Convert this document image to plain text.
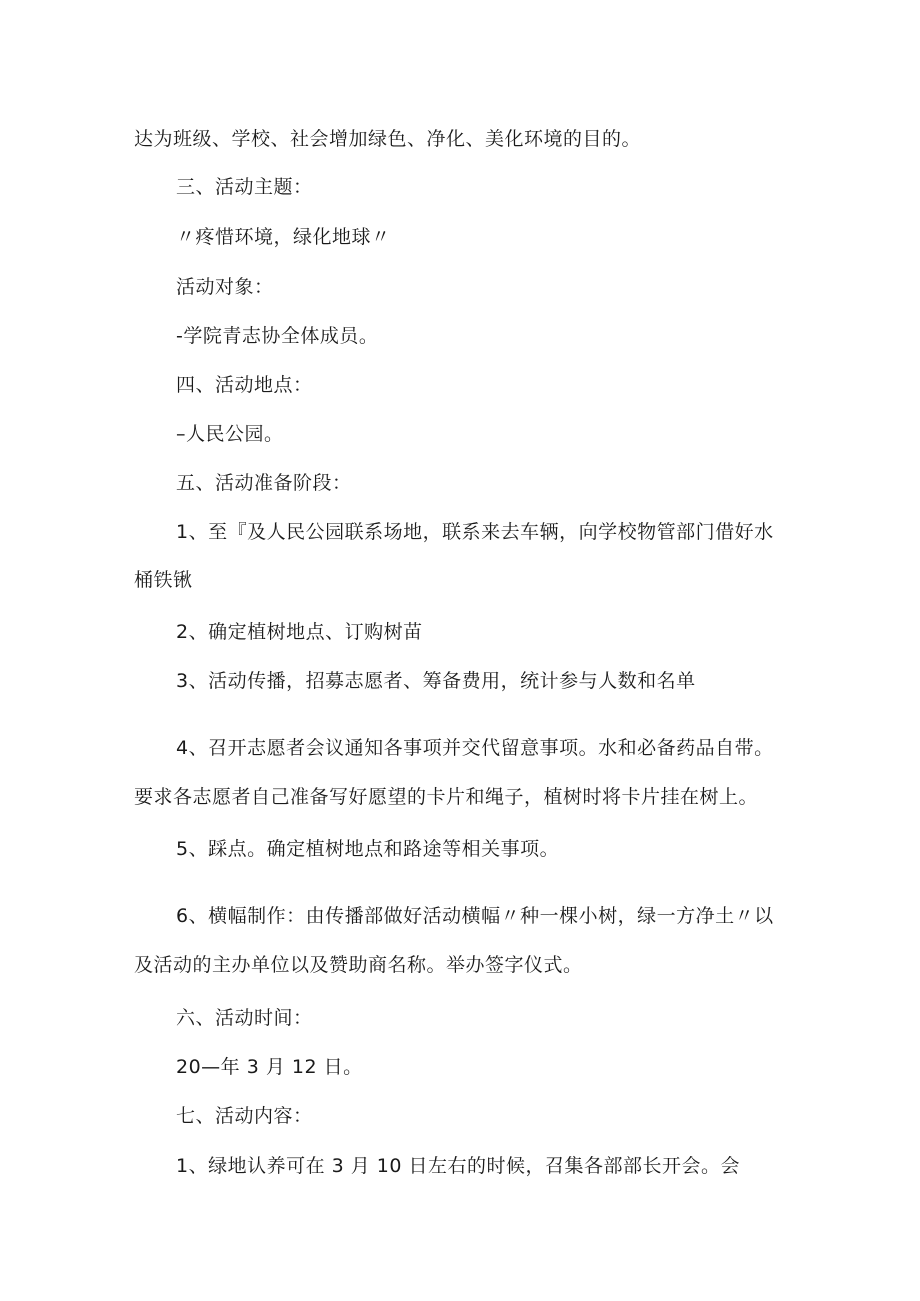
达为班级、学校、社会增加绿色、净化、美化环境的目的。
三、活动主题：
〃疼惜环境，绿化地球〃
活动对象：
-学院青志协全体成员。
四、活动地点：
–人民公园。
五、活动准备阶段：
1、至『及人民公园联系场地，联系来去车辆，向学校物管部门借好水
桶铁锹
2、确定植树地点、订购树苗
3、活动传播，招募志愿者、筹备费用，统计参与人数和名单
4、召开志愿者会议通知各事项并交代留意事项。水和必备药品自带。
要求各志愿者自己准备写好愿望的卡片和绳子，植树时将卡片挂在树上。
5、踩点。确定植树地点和路途等相关事项。
6、横幅制作：由传播部做好活动横幅〃种一棵小树，绿一方净土〃以
及活动的主办单位以及赞助商名称。举办签字仪式。
六、活动时间：
20—年 3 月 12 日。
七、活动内容：
1、绿地认养可在 3 月 10 日左右的时候，召集各部部长开会。会
